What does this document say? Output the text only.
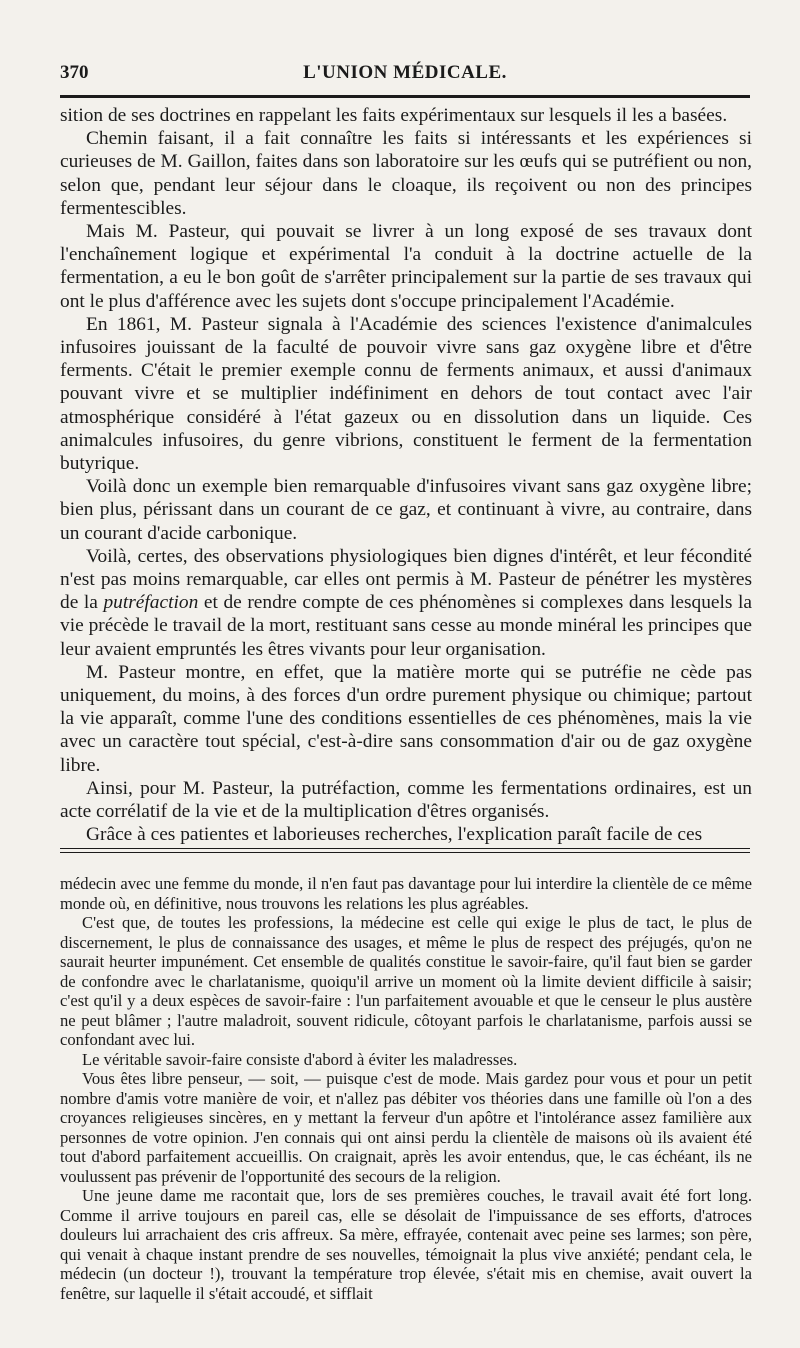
370	L'UNION MÉDICALE.

sition de ses doctrines en rappelant les faits expérimentaux sur lesquels il les a basées.

Chemin faisant, il a fait connaître les faits si intéressants et les expériences si curieuses de M. Gaillon, faites dans son laboratoire sur les œufs qui se putréfient ou non, selon que, pendant leur séjour dans le cloaque, ils reçoivent ou non des principes fermentescibles.

Mais M. Pasteur, qui pouvait se livrer à un long exposé de ses travaux dont l'enchaînement logique et expérimental l'a conduit à la doctrine actuelle de la fermentation, a eu le bon goût de s'arrêter principalement sur la partie de ses travaux qui ont le plus d'afférence avec les sujets dont s'occupe principalement l'Académie.

En 1861, M. Pasteur signala à l'Académie des sciences l'existence d'animalcules infusoires jouissant de la faculté de pouvoir vivre sans gaz oxygène libre et d'être ferments. C'était le premier exemple connu de ferments animaux, et aussi d'animaux pouvant vivre et se multiplier indéfiniment en dehors de tout contact avec l'air atmosphérique considéré à l'état gazeux ou en dissolution dans un liquide. Ces animalcules infusoires, du genre vibrions, constituent le ferment de la fermentation butyrique.

Voilà donc un exemple bien remarquable d'infusoires vivant sans gaz oxygène libre; bien plus, périssant dans un courant de ce gaz, et continuant à vivre, au contraire, dans un courant d'acide carbonique.

Voilà, certes, des observations physiologiques bien dignes d'intérêt, et leur fécondité n'est pas moins remarquable, car elles ont permis à M. Pasteur de pénétrer les mystères de la putréfaction et de rendre compte de ces phénomènes si complexes dans lesquels la vie précède le travail de la mort, restituant sans cesse au monde minéral les principes que leur avaient empruntés les êtres vivants pour leur organisation.

M. Pasteur montre, en effet, que la matière morte qui se putréfie ne cède pas uniquement, du moins, à des forces d'un ordre purement physique ou chimique; partout la vie apparaît, comme l'une des conditions essentielles de ces phénomènes, mais la vie avec un caractère tout spécial, c'est-à-dire sans consommation d'air ou de gaz oxygène libre.

Ainsi, pour M. Pasteur, la putréfaction, comme les fermentations ordinaires, est un acte corrélatif de la vie et de la multiplication d'êtres organisés.

Grâce à ces patientes et laborieuses recherches, l'explication paraît facile de ces

médecin avec une femme du monde, il n'en faut pas davantage pour lui interdire la clientèle de ce même monde où, en définitive, nous trouvons les relations les plus agréables.

C'est que, de toutes les professions, la médecine est celle qui exige le plus de tact, le plus de discernement, le plus de connaissance des usages, et même le plus de respect des préjugés, qu'on ne saurait heurter impunément. Cet ensemble de qualités constitue le savoir-faire, qu'il faut bien se garder de confondre avec le charlatanisme, quoiqu'il arrive un moment où la limite devient difficile à saisir; c'est qu'il y a deux espèces de savoir-faire : l'un parfaitement avouable et que le censeur le plus austère ne peut blâmer ; l'autre maladroit, souvent ridicule, côtoyant parfois le charlatanisme, parfois aussi se confondant avec lui.

Le véritable savoir-faire consiste d'abord à éviter les maladresses.

Vous êtes libre penseur, — soit, — puisque c'est de mode. Mais gardez pour vous et pour un petit nombre d'amis votre manière de voir, et n'allez pas débiter vos théories dans une famille où l'on a des croyances religieuses sincères, en y mettant la ferveur d'un apôtre et l'intolérance assez familière aux personnes de votre opinion. J'en connais qui ont ainsi perdu la clientèle de maisons où ils avaient été tout d'abord parfaitement accueillis. On craignait, après les avoir entendus, que, le cas échéant, ils ne voulussent pas prévenir de l'opportunité des secours de la religion.

Une jeune dame me racontait que, lors de ses premières couches, le travail avait été fort long. Comme il arrive toujours en pareil cas, elle se désolait de l'impuissance de ses efforts, d'atroces douleurs lui arrachaient des cris affreux. Sa mère, effrayée, contenait avec peine ses larmes; son père, qui venait à chaque instant prendre de ses nouvelles, témoignait la plus vive anxiété; pendant cela, le médecin (un docteur !), trouvant la température trop élevée, s'était mis en chemise, avait ouvert la fenêtre, sur laquelle il s'était accoudé, et sifflait
